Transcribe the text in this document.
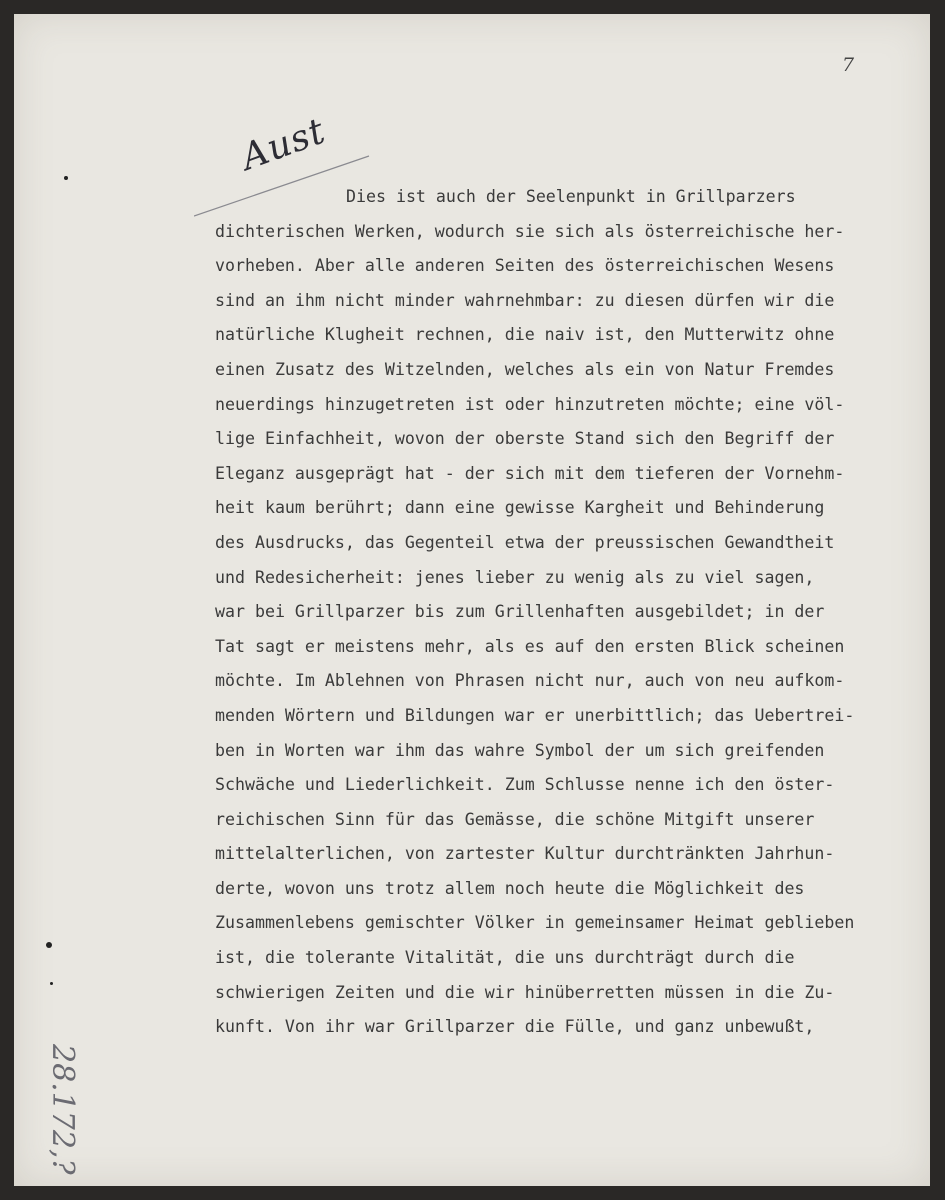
7
Aust
Dies ist auch der Seelenpunkt in Grillparzers
dichterischen Werken, wodurch sie sich als österreichische her-
vorheben. Aber alle anderen Seiten des österreichischen Wesens
sind an ihm nicht minder wahrnehmbar: zu diesen dürfen wir die
natürliche Klugheit rechnen, die naiv ist, den Mutterwitz ohne
einen Zusatz des Witzelnden, welches als ein von Natur Fremdes
neuerdings hinzugetreten ist oder hinzutreten möchte; eine völ-
lige Einfachheit, wovon der oberste Stand sich den Begriff der
Eleganz ausgeprägt hat - der sich mit dem tieferen der Vornehm-
heit kaum berührt; dann eine gewisse Kargheit und Behinderung
des Ausdrucks, das Gegenteil etwa der preussischen Gewandtheit
und Redesicherheit: jenes lieber zu wenig als zu viel sagen,
war bei Grillparzer bis zum Grillenhaften ausgebildet; in der
Tat sagt er meistens mehr, als es auf den ersten Blick scheinen
möchte. Im Ablehnen von Phrasen nicht nur, auch von neu aufkom-
menden Wörtern und Bildungen war er unerbittlich; das Uebertrei-
ben in Worten war ihm das wahre Symbol der um sich greifenden
Schwäche und Liederlichkeit. Zum Schlusse nenne ich den öster-
reichischen Sinn für das Gemässe, die schöne Mitgift unserer
mittelalterlichen, von zartester Kultur durchtränkten Jahrhun-
derte, wovon uns trotz allem noch heute die Möglichkeit des
Zusammenlebens gemischter Völker in gemeinsamer Heimat geblieben
ist, die tolerante Vitalität, die uns durchträgt durch die
schwierigen Zeiten und die wir hinüberretten müssen in die Zu-
kunft. Von ihr war Grillparzer die Fülle, und ganz unbewußt,
28.172,?
